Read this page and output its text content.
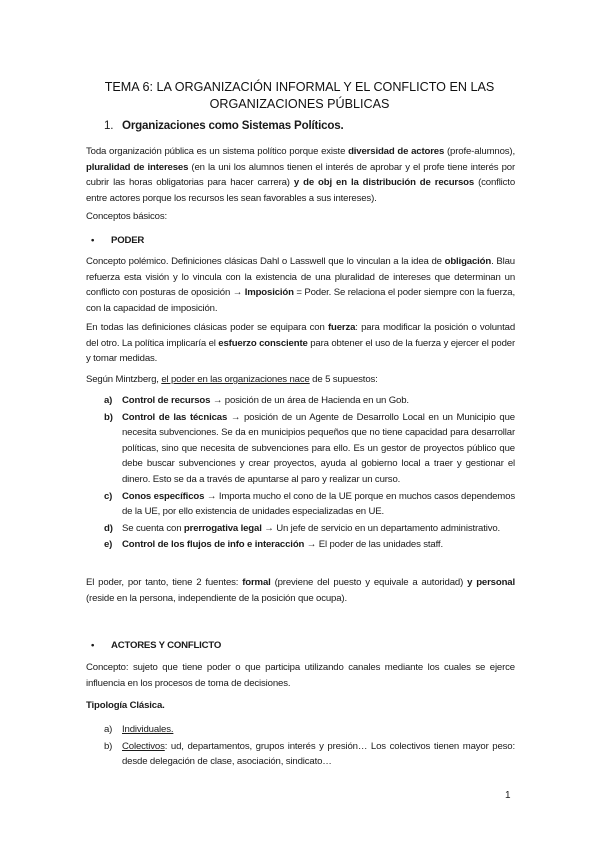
TEMA 6: LA ORGANIZACIÓN INFORMAL Y EL CONFLICTO EN LAS
ORGANIZACIONES PÚBLICAS
1. Organizaciones como Sistemas Políticos.
Toda organización pública es un sistema político porque existe diversidad de actores (profe-alumnos), pluralidad de intereses (en la uni los alumnos tienen el interés de aprobar y el profe tiene interés por cubrir las horas obligatorias para hacer carrera) y de obj en la distribución de recursos (conflicto entre actores porque los recursos les sean favorables a sus intereses).
Conceptos básicos:
• PODER
Concepto polémico. Definiciones clásicas Dahl o Lasswell que lo vinculan a la idea de obligación. Blau refuerza esta visión y lo vincula con la existencia de una pluralidad de intereses que determinan un conflicto con posturas de oposición → Imposición = Poder. Se relaciona el poder siempre con la fuerza, con la capacidad de imposición.
En todas las definiciones clásicas poder se equipara con fuerza: para modificar la posición o voluntad del otro. La política implicaría el esfuerzo consciente para obtener el uso de la fuerza y ejercer el poder y tomar medidas.
Según Mintzberg, el poder en las organizaciones nace de 5 supuestos:
a) Control de recursos → posición de un área de Hacienda en un Gob.
b) Control de las técnicas → posición de un Agente de Desarrollo Local en un Municipio que necesita subvenciones. Se da en municipios pequeños que no tiene capacidad para desarrollar políticas, sino que necesita de subvenciones para ello. Es un gestor de proyectos público que debe buscar subvenciones y crear proyectos, ayuda al gobierno local a traer y gestionar el dinero. Esto se da a través de apuntarse al paro y realizar un curso.
c) Conos específicos → Importa mucho el cono de la UE porque en muchos casos dependemos de la UE, por ello existencia de unidades especializadas en UE.
d) Se cuenta con prerrogativa legal → Un jefe de servicio en un departamento administrativo.
e) Control de los flujos de info e interacción → El poder de las unidades staff.
El poder, por tanto, tiene 2 fuentes: formal (previene del puesto y equivale a autoridad) y personal (reside en la persona, independiente de la posición que ocupa).
• ACTORES Y CONFLICTO
Concepto: sujeto que tiene poder o que participa utilizando canales mediante los cuales se ejerce influencia en los procesos de toma de decisiones.
Tipología Clásica.
a) Individuales.
b) Colectivos: ud, departamentos, grupos interés y presión… Los colectivos tienen mayor peso: desde delegación de clase, asociación, sindicato…
1
